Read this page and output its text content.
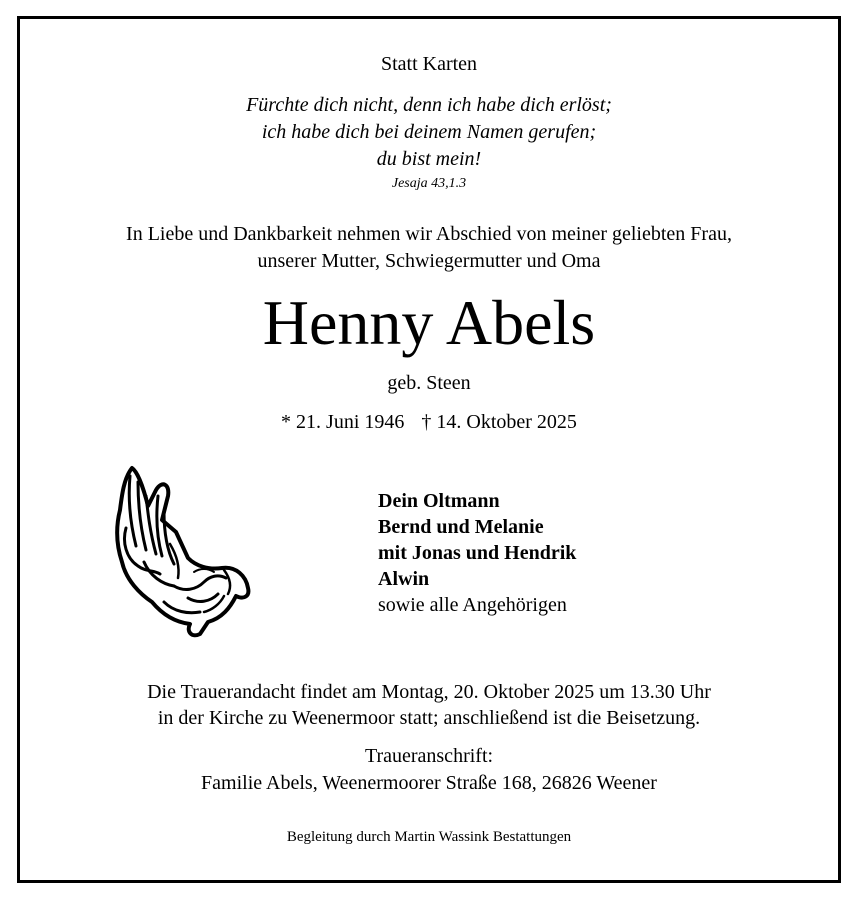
Statt Karten
Fürchte dich nicht, denn ich habe dich erlöst;
ich habe dich bei deinem Namen gerufen;
du bist mein!
Jesaja 43,1.3
In Liebe und Dankbarkeit nehmen wir Abschied von meiner geliebten Frau,
unserer Mutter, Schwiegermutter und Oma
Henny Abels
geb. Steen
* 21. Juni 1946 † 14. Oktober 2025
Dein Oltmann
Bernd und Melanie
mit Jonas und Hendrik
Alwin
sowie alle Angehörigen
Die Trauerandacht findet am Montag, 20. Oktober 2025 um 13.30 Uhr
in der Kirche zu Weenermoor statt; anschließend ist die Beisetzung.
Traueranschrift:
Familie Abels, Weenermoorer Straße 168, 26826 Weener
Begleitung durch Martin Wassink Bestattungen
